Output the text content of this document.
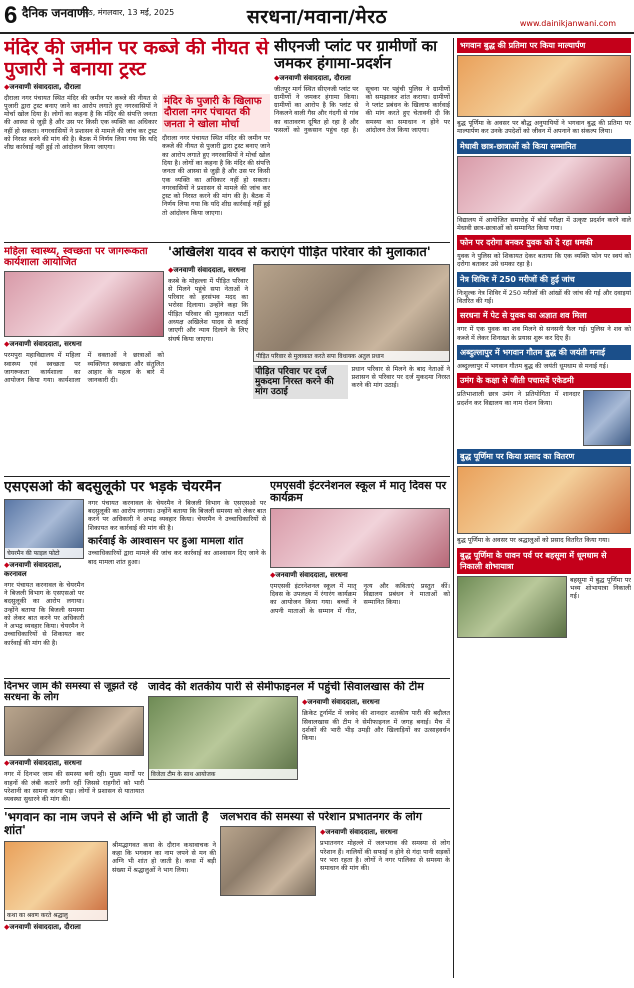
6 दैनिक जनवाणी
मेरठ, मंगलवार, 13 मई, 2025	सरधना/मवाना/मेरठ	www.dainikjanwani.com
मंदिर की जमीन पर कब्जे की नीयत से पुजारी ने बनाया ट्रस्ट
◆ जनवाणी संवाददाता, दौराला
दौराला नगर पंचायत स्थित मंदिर की जमीन पर कब्जे की नीयत से पुजारी द्वारा ट्रस्ट बनाए जाने का आरोप लगाते हुए नगरवासियों ने मोर्चा खोल दिया है। लोगों का कहना है कि मंदिर की संपत्ति जनता की आस्था से जुड़ी है और उस पर किसी एक व्यक्ति का अधिकार नहीं हो सकता। नगरवासियों ने प्रशासन से मामले की जांच कर ट्रस्ट को निरस्त करने की मांग की है। बैठक में निर्णय लिया गया कि यदि शीघ्र कार्रवाई नहीं हुई तो आंदोलन किया जाएगा।
मंदिर के पुजारी के खिलाफ दौराला नगर पंचायत की जनता ने खोला मोर्चा
दौराला नगर पंचायत स्थित मंदिर की जमीन पर कब्जे की नीयत से पुजारी द्वारा ट्रस्ट बनाए जाने का आरोप लगाते हुए नगरवासियों ने मोर्चा खोल दिया है। लोगों का कहना है कि मंदिर की संपत्ति जनता की आस्था से जुड़ी है और उस पर किसी एक व्यक्ति का अधिकार नहीं हो सकता। नगरवासियों ने प्रशासन से मामले की जांच कर ट्रस्ट को निरस्त करने की मांग की है। बैठक में निर्णय लिया गया कि यदि शीघ्र कार्रवाई नहीं हुई तो आंदोलन किया जाएगा।
सीएनजी प्लांट पर ग्रामीणों का जमकर हंगामा-प्रदर्शन
◆ जनवाणी संवाददाता, दौराला
जीतपुर मार्ग स्थित सीएनजी प्लांट पर ग्रामीणों ने जमकर हंगामा किया। ग्रामीणों का आरोप है कि प्लांट से निकलने वाली गैस और गंदगी से गांव का वातावरण दूषित हो रहा है और फसलों को नुकसान पहुंच रहा है। सूचना पर पहुंची पुलिस ने ग्रामीणों को समझाकर शांत कराया। ग्रामीणों ने प्लांट प्रबंधन के खिलाफ कार्रवाई की मांग करते हुए चेतावनी दी कि समस्या का समाधान न होने पर आंदोलन तेज किया जाएगा।
भगवान बुद्ध की प्रतिमा पर किया माल्यार्पण
बुद्ध पूर्णिमा के अवसर पर बौद्ध अनुयायियों ने भगवान बुद्ध की प्रतिमा पर माल्यार्पण कर उनके उपदेशों को जीवन में अपनाने का संकल्प लिया।
मेधावी छात्र-छात्राओं को किया सम्मानित
विद्यालय में आयोजित समारोह में बोर्ड परीक्षा में उत्कृष्ट प्रदर्शन करने वाले मेधावी छात्र-छात्राओं को सम्मानित किया गया।
फोन पर दरोगा बनकर युवक को दे रहा धमकी
युवक ने पुलिस को शिकायत देकर बताया कि एक व्यक्ति फोन पर स्वयं को दरोगा बताकर उसे धमका रहा है।
नेत्र शिविर में 250 मरीजों की हुई जांच
निःशुल्क नेत्र शिविर में 250 मरीजों की आंखों की जांच की गई और दवाइयां वितरित की गईं।
सरधना में पेट से युवक का अज्ञात शव मिला
नगर में एक युवक का शव मिलने से सनसनी फैल गई। पुलिस ने शव को कब्जे में लेकर शिनाख्त के प्रयास शुरू कर दिए हैं।
अब्दुल्लापुर में भगवान गौतम बुद्ध की जयंती मनाई
अब्दुल्लापुर में भगवान गौतम बुद्ध की जयंती धूमधाम से मनाई गई।
उमंग के कक्षा से जीती पचासवें एकेडमी
प्रतिभाशाली छात्र उमंग ने प्रतियोगिता में शानदार प्रदर्शन कर विद्यालय का नाम रोशन किया।
बुद्ध पूर्णिमा पर किया प्रसाद का वितरण
बुद्ध पूर्णिमा के अवसर पर श्रद्धालुओं को प्रसाद वितरित किया गया।
बुद्ध पूर्णिमा के पावन पर्व पर बहसूमा में धूमधाम से निकाली शोभायात्रा
बहसूमा में बुद्ध पूर्णिमा पर भव्य शोभायात्रा निकाली गई।
महिला स्वास्थ्य, स्वच्छता पर जागरूकता कार्यशाला आयोजित
◆ जनवाणी संवाददाता, सरधना
परमपुरा महाविद्यालय में महिला स्वास्थ्य एवं स्वच्छता पर जागरूकता कार्यशाला का आयोजन किया गया। कार्यशाला में वक्ताओं ने छात्राओं को व्यक्तिगत स्वच्छता और संतुलित आहार के महत्व के बारे में जानकारी दी।
'अखिलेश यादव से कराएंगे पीड़ित परिवार की मुलाकात'
◆ जनवाणी संवाददाता, सरधना
कस्बे के मोहल्ला में पीड़ित परिवार से मिलने पहुंचे सपा नेताओं ने परिवार को हरसंभव मदद का भरोसा दिलाया। उन्होंने कहा कि पीड़ित परिवार की मुलाकात पार्टी अध्यक्ष अखिलेश यादव से कराई जाएगी और न्याय दिलाने के लिए संघर्ष किया जाएगा।
पीड़ित परिवार से मुलाकात करते सपा विधायक अतुल प्रधान
पीड़ित परिवार पर दर्ज मुकदमा निरस्त करने की मांग उठाई
प्रधान परिवार से मिलने के बाद नेताओं ने प्रशासन से परिवार पर दर्ज मुकदमा निरस्त करने की मांग उठाई।
एसएसओ की बदसुलूकी पर भड़के चेयरमैन
चेयरमैन की फाइल फोटो
◆ जनवाणी संवाददाता, करनावल
नगर पंचायत करनावल के चेयरमैन ने बिजली विभाग के एसएसओ पर बदसुलूकी का आरोप लगाया। उन्होंने बताया कि बिजली समस्या को लेकर बात करने पर अधिकारी ने अभद्र व्यवहार किया। चेयरमैन ने उच्चाधिकारियों से शिकायत कर कार्रवाई की मांग की है।
नगर पंचायत करनावल के चेयरमैन ने बिजली विभाग के एसएसओ पर बदसुलूकी का आरोप लगाया। उन्होंने बताया कि बिजली समस्या को लेकर बात करने पर अधिकारी ने अभद्र व्यवहार किया। चेयरमैन ने उच्चाधिकारियों से शिकायत कर कार्रवाई की मांग की है।
कार्रवाई के आश्वासन पर हुआ मामला शांत
उच्चाधिकारियों द्वारा मामले की जांच कर कार्रवाई का आश्वासन दिए जाने के बाद मामला शांत हुआ।
एमएसवी इंटरनेशनल स्कूल में मातृ दिवस पर कार्यक्रम
◆ जनवाणी संवाददाता, सरधना
एमएसवी इंटरनेशनल स्कूल में मातृ दिवस के उपलक्ष्य में रंगारंग कार्यक्रम का आयोजन किया गया। बच्चों ने अपनी माताओं के सम्मान में गीत, नृत्य और कविताएं प्रस्तुत कीं। विद्यालय प्रबंधन ने माताओं को सम्मानित किया।
दिनभर जाम की समस्या से जूझते रहे सरधना के लोग
◆ जनवाणी संवाददाता, सरधना
नगर में दिनभर जाम की समस्या बनी रही। मुख्य मार्गों पर वाहनों की लंबी कतारें लगी रहीं जिससे राहगीरों को भारी परेशानी का सामना करना पड़ा। लोगों ने प्रशासन से यातायात व्यवस्था सुधारने की मांग की।
जावेद की शतकीय पारी से सेमीफाइनल में पहुंची सिवालखास की टीम
विजेता टीम के साथ आयोजक
◆ जनवाणी संवाददाता, सरधना
क्रिकेट टूर्नामेंट में जावेद की शानदार शतकीय पारी की बदौलत सिवालखास की टीम ने सेमीफाइनल में जगह बनाई। मैच में दर्शकों की भारी भीड़ उमड़ी और खिलाड़ियों का उत्साहवर्धन किया।
'भगवान का नाम जपने से अग्नि भी हो जाती है शांत'
कथा का श्रवण करते श्रद्धालु
◆ जनवाणी संवाददाता, दौराला
श्रीमद्भागवत कथा के दौरान कथावाचक ने कहा कि भगवान का नाम जपने से मन की अग्नि भी शांत हो जाती है। कथा में बड़ी संख्या में श्रद्धालुओं ने भाग लिया।
जलभराव की समस्या से परेशान प्रभातनगर के लोग
◆ जनवाणी संवाददाता, सरधना
प्रभातनगर मोहल्ले में जलभराव की समस्या से लोग परेशान हैं। नालियों की सफाई न होने से गंदा पानी सड़कों पर भरा रहता है। लोगों ने नगर पालिका से समस्या के समाधान की मांग की।
